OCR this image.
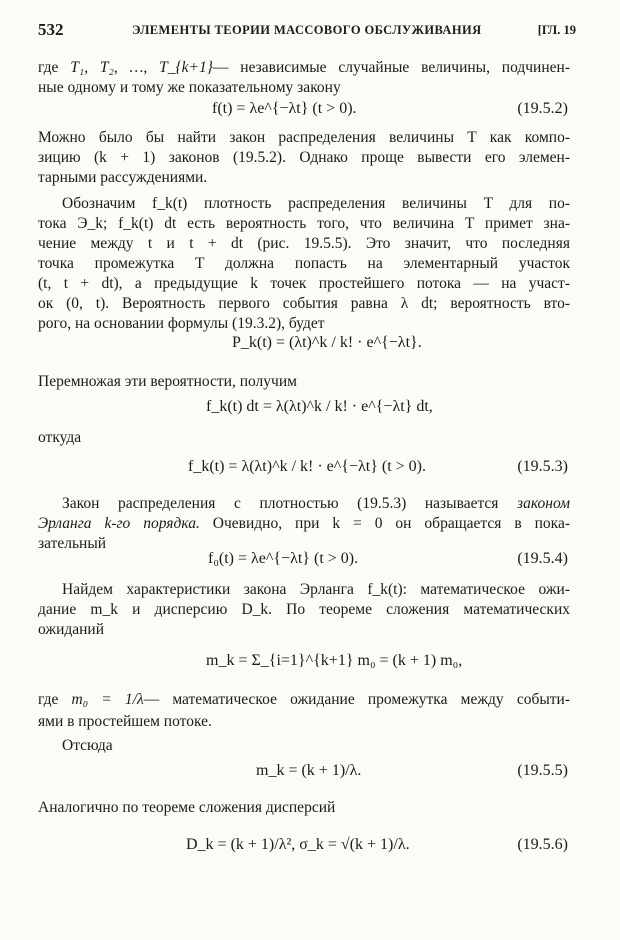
532	ЭЛЕМЕНТЫ ТЕОРИИ МАССОВОГО ОБСЛУЖИВАНИЯ	[ГЛ. 19
где T₁, T₂, …, T_{k+1}— независимые случайные величины, подчинен-
ные одному и тому же показательному закону
f(t) = λe^{−λt} (t > 0).	(19.5.2)
Можно было бы найти закон распределения величины T как компо-
зицию (k + 1) законов (19.5.2). Однако проще вывести его элемен-
тарными рассуждениями.
Обозначим f_k(t) плотность распределения величины T для по-
тока Э_k; f_k(t) dt есть вероятность того, что величина T примет зна-
чение между t и t + dt (рис. 19.5.5). Это значит, что последняя
точка промежутка T должна попасть на элементарный участок
(t, t + dt), а предыдущие k точек простейшего потока — на участ-
ок (0, t). Вероятность первого события равна λ dt; вероятность вто-
рого, на основании формулы (19.3.2), будет
P_k(t) = (λt)^k / k! · e^{−λt}.
Перемножая эти вероятности, получим
f_k(t) dt = λ(λt)^k / k! · e^{−λt} dt,
откуда
f_k(t) = λ(λt)^k / k! · e^{−λt} (t > 0).	(19.5.3)
Закон распределения с плотностью (19.5.3) называется законом
Эрланга k-го порядка. Очевидно, при k = 0 он обращается в пока-
зательный
f₀(t) = λe^{−λt} (t > 0).	(19.5.4)
Найдем характеристики закона Эрланга f_k(t): математическое ожи-
дание m_k и дисперсию D_k. По теореме сложения математических
ожиданий
m_k = Σ_{i=1}^{k+1} m₀ = (k + 1) m₀,
где m₀ = 1/λ— математическое ожидание промежутка между событи-
ями в простейшем потоке.
Отсюда
m_k = (k + 1)/λ.	(19.5.5)
Аналогично по теореме сложения дисперсий
D_k = (k + 1)/λ², σ_k = √(k + 1)/λ.	(19.5.6)
